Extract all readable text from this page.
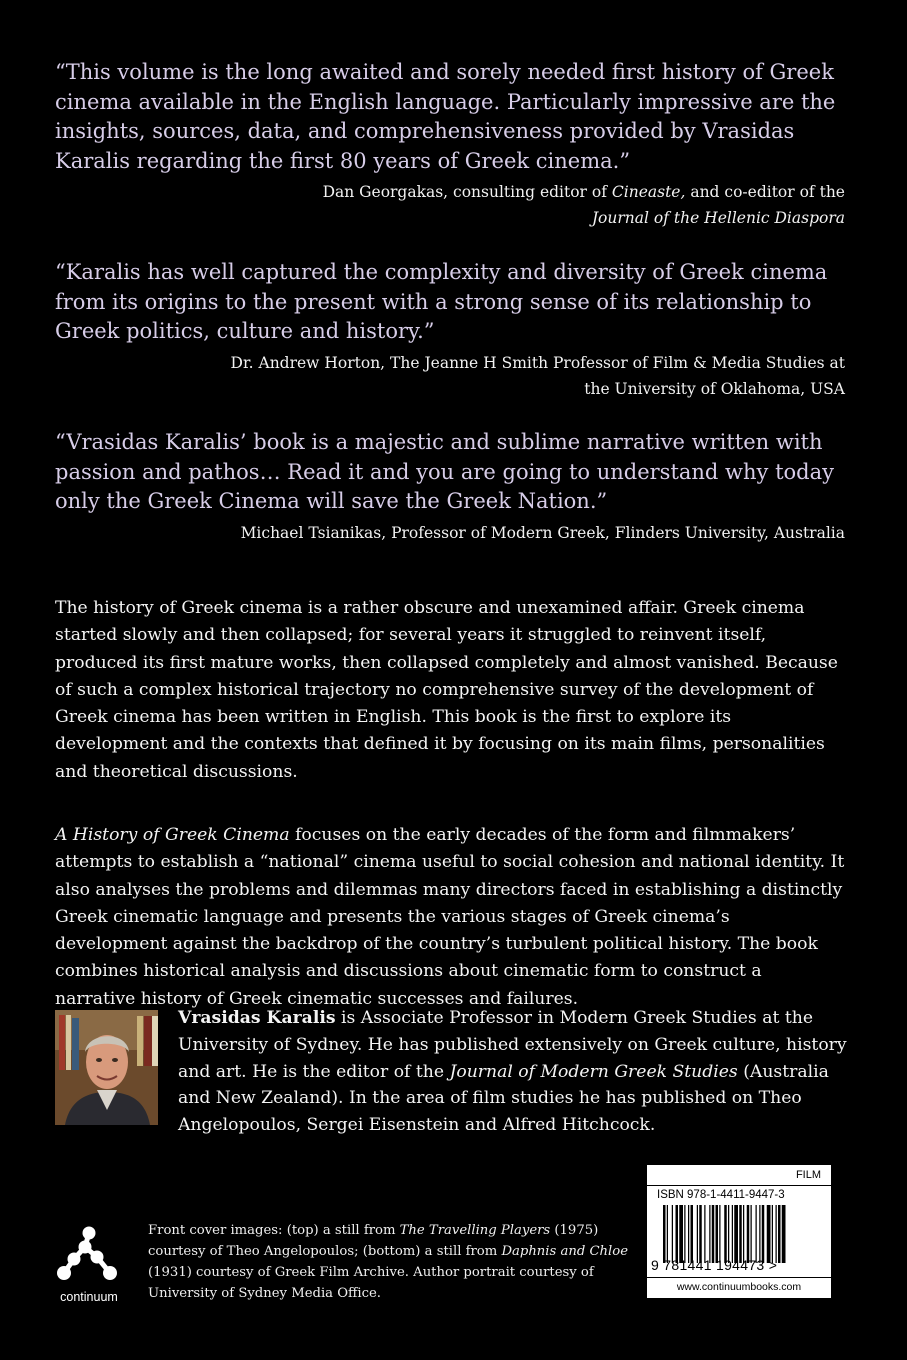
“This volume is the long awaited and sorely needed first history of Greek cinema available in the English language. Particularly impressive are the insights, sources, data, and comprehensiveness provided by Vrasidas Karalis regarding the first 80 years of Greek cinema.”

Dan Georgakas, consulting editor of Cineaste, and co-editor of the
Journal of the Hellenic Diaspora

“Karalis has well captured the complexity and diversity of Greek cinema from its origins to the present with a strong sense of its relationship to Greek politics, culture and history.”

Dr. Andrew Horton, The Jeanne H Smith Professor of Film & Media Studies at
the University of Oklahoma, USA

“Vrasidas Karalis’ book is a majestic and sublime narrative written with passion and pathos… Read it and you are going to understand why today only the Greek Cinema will save the Greek Nation.”

Michael Tsianikas, Professor of Modern Greek, Flinders University, Australia

The history of Greek cinema is a rather obscure and unexamined affair. Greek cinema started slowly and then collapsed; for several years it struggled to reinvent itself, produced its first mature works, then collapsed completely and almost vanished. Because of such a complex historical trajectory no comprehensive survey of the development of Greek cinema has been written in English. This book is the first to explore its development and the contexts that defined it by focusing on its main films, personalities and theoretical discussions.

A History of Greek Cinema focuses on the early decades of the form and filmmakers’ attempts to establish a “national” cinema useful to social cohesion and national identity. It also analyses the problems and dilemmas many directors faced in establishing a distinctly Greek cinematic language and presents the various stages of Greek cinema’s development against the backdrop of the country’s turbulent political history. The book combines historical analysis and discussions about cinematic form to construct a narrative history of Greek cinematic successes and failures.

Vrasidas Karalis is Associate Professor in Modern Greek Studies at the University of Sydney. He has published extensively on Greek culture, history and art. He is the editor of the Journal of Modern Greek Studies (Australia and New Zealand). In the area of film studies he has published on Theo Angelopoulos, Sergei Eisenstein and Alfred Hitchcock.

continuum

Front cover images: (top) a still from The Travelling Players (1975) courtesy of Theo Angelopoulos; (bottom) a still from Daphnis and Chloe (1931) courtesy of Greek Film Archive. Author portrait courtesy of University of Sydney Media Office.

FILM
ISBN 978-1-4411-9447-3
9 781441 194473 >
www.continuumbooks.com
